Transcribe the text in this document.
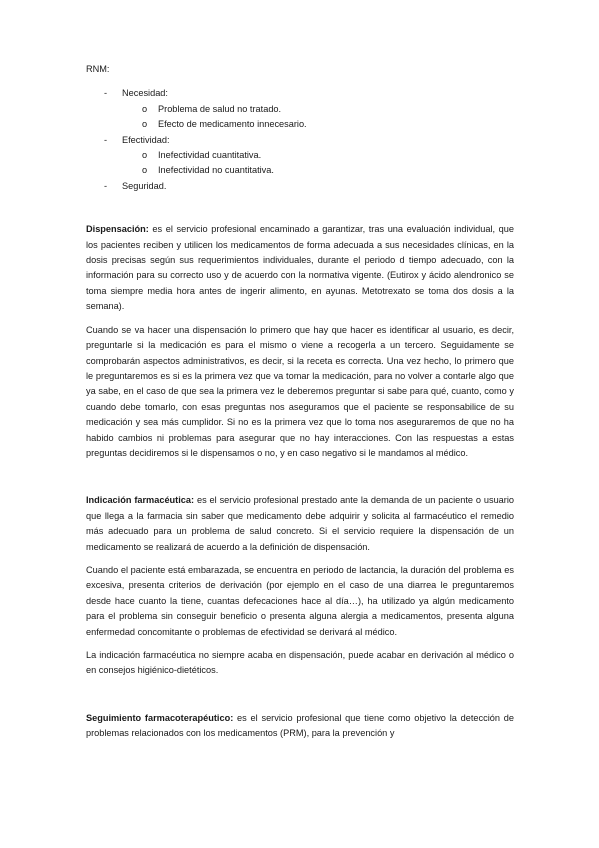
RNM:
- Necesidad:
o Problema de salud no tratado.
o Efecto de medicamento innecesario.
- Efectividad:
o Inefectividad cuantitativa.
o Inefectividad no cuantitativa.
- Seguridad.

Dispensación: es el servicio profesional encaminado a garantizar, tras una evaluación individual, que los pacientes reciben y utilicen los medicamentos de forma adecuada a sus necesidades clínicas, en la dosis precisas según sus requerimientos individuales, durante el periodo d tiempo adecuado, con la información para su correcto uso y de acuerdo con la normativa vigente. (Eutirox y ácido alendronico se toma siempre media hora antes de ingerir alimento, en ayunas. Metotrexato se toma dos dosis a la semana).

Cuando se va hacer una dispensación lo primero que hay que hacer es identificar al usuario, es decir, preguntarle si la medicación es para el mismo o viene a recogerla a un tercero. Seguidamente se comprobarán aspectos administrativos, es decir, si la receta es correcta. Una vez hecho, lo primero que le preguntaremos es si es la primera vez que va tomar la medicación, para no volver a contarle algo que ya sabe, en el caso de que sea la primera vez le deberemos preguntar si sabe para qué, cuanto, como y cuando debe tomarlo, con esas preguntas nos aseguramos que el paciente se responsabilice de su medicación y sea más cumplidor. Si no es la primera vez que lo toma nos aseguraremos de que no ha habido cambios ni problemas para asegurar que no hay interacciones. Con las respuestas a estas preguntas decidiremos si le dispensamos o no, y en caso negativo si le mandamos al médico.

Indicación farmacéutica: es el servicio profesional prestado ante la demanda de un paciente o usuario que llega a la farmacia sin saber que medicamento debe adquirir y solicita al farmacéutico el remedio más adecuado para un problema de salud concreto. Si el servicio requiere la dispensación de un medicamento se realizará de acuerdo a la definición de dispensación.

Cuando el paciente está embarazada, se encuentra en periodo de lactancia, la duración del problema es excesiva, presenta criterios de derivación (por ejemplo en el caso de una diarrea le preguntaremos desde hace cuanto la tiene, cuantas defecaciones hace al día…), ha utilizado ya algún medicamento para el problema sin conseguir beneficio o presenta alguna alergia a medicamentos, presenta alguna enfermedad concomitante o problemas de efectividad se derivará al médico.

La indicación farmacéutica no siempre acaba en dispensación, puede acabar en derivación al médico o en consejos higiénico-dietéticos.

Seguimiento farmacoterapéutico: es el servicio profesional que tiene como objetivo la detección de problemas relacionados con los medicamentos (PRM), para la prevención y
